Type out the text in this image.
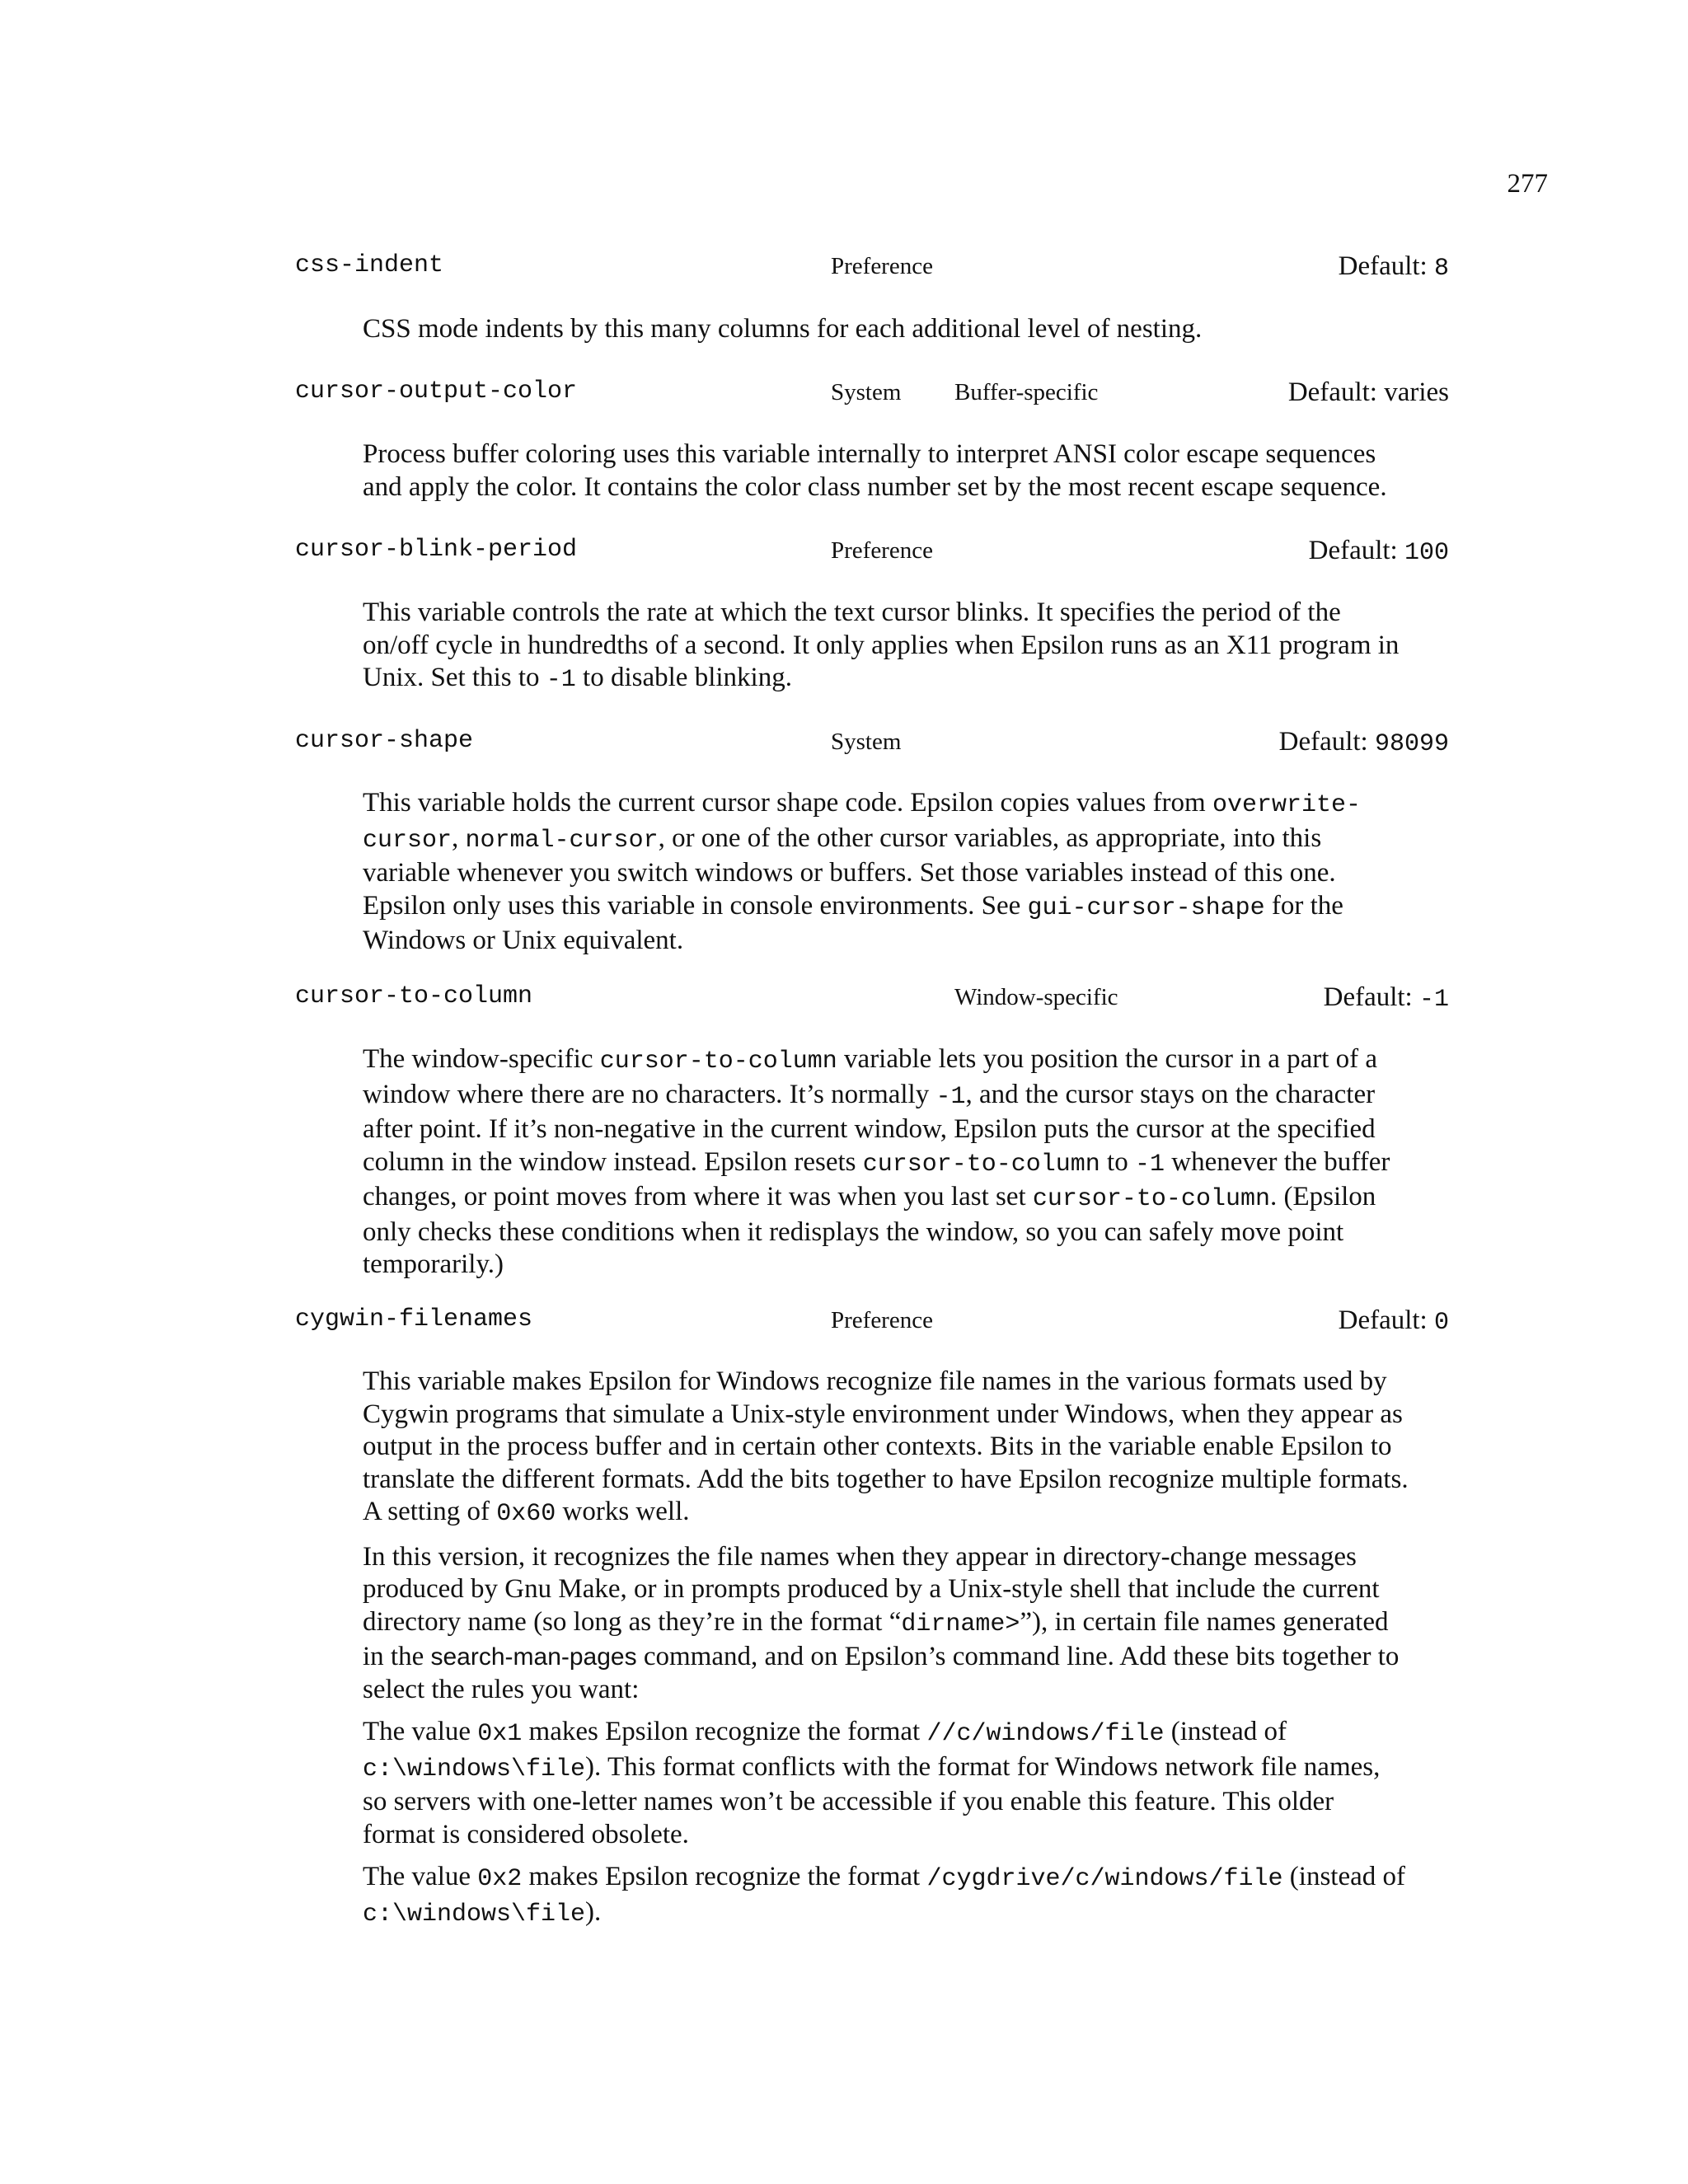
277
css-indent	Preference	Default: 8

CSS mode indents by this many columns for each additional level of nesting.

cursor-output-color	System Buffer-specific	Default: varies

Process buffer coloring uses this variable internally to interpret ANSI color escape sequences and apply the color. It contains the color class number set by the most recent escape sequence.

cursor-blink-period	Preference	Default: 100

This variable controls the rate at which the text cursor blinks. It specifies the period of the on/off cycle in hundredths of a second. It only applies when Epsilon runs as an X11 program in Unix. Set this to -1 to disable blinking.

cursor-shape	System	Default: 98099

This variable holds the current cursor shape code. Epsilon copies values from overwrite-cursor, normal-cursor, or one of the other cursor variables, as appropriate, into this variable whenever you switch windows or buffers. Set those variables instead of this one. Epsilon only uses this variable in console environments. See gui-cursor-shape for the Windows or Unix equivalent.

cursor-to-column	Window-specific	Default: -1

The window-specific cursor-to-column variable lets you position the cursor in a part of a window where there are no characters. It’s normally -1, and the cursor stays on the character after point. If it’s non-negative in the current window, Epsilon puts the cursor at the specified column in the window instead. Epsilon resets cursor-to-column to -1 whenever the buffer changes, or point moves from where it was when you last set cursor-to-column. (Epsilon only checks these conditions when it redisplays the window, so you can safely move point temporarily.)

cygwin-filenames	Preference	Default: 0

This variable makes Epsilon for Windows recognize file names in the various formats used by Cygwin programs that simulate a Unix-style environment under Windows, when they appear as output in the process buffer and in certain other contexts. Bits in the variable enable Epsilon to translate the different formats. Add the bits together to have Epsilon recognize multiple formats. A setting of 0x60 works well.

In this version, it recognizes the file names when they appear in directory-change messages produced by Gnu Make, or in prompts produced by a Unix-style shell that include the current directory name (so long as they’re in the format “dirname>”), in certain file names generated in the search-man-pages command, and on Epsilon’s command line. Add these bits together to select the rules you want:

The value 0x1 makes Epsilon recognize the format //c/windows/file (instead of c:\windows\file). This format conflicts with the format for Windows network file names, so servers with one-letter names won’t be accessible if you enable this feature. This older format is considered obsolete.

The value 0x2 makes Epsilon recognize the format /cygdrive/c/windows/file (instead of c:\windows\file).
